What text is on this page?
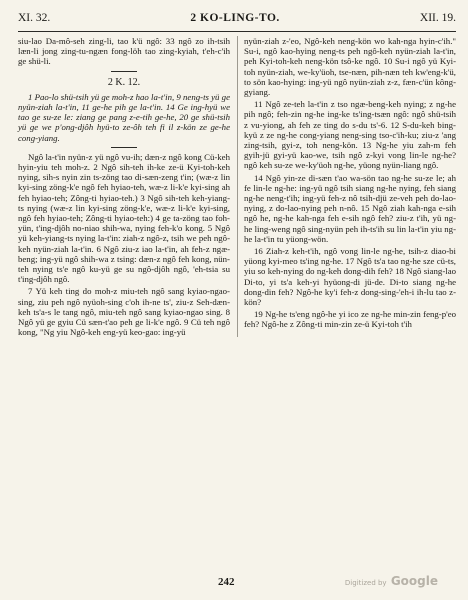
XI. 32.	2 KO-LING-TO.	XII. 19.

siu-lao Da-mô-seh zing-li, tao k'ü ngô: 33 ngô zo ih-tsih læn-li jong zing-tu-ngæn fong-löh tao zing-kyiah, t'eh-c'ih ge shü-li.

2 K. 12.

1 Pao-lo shü-tsih yü ge moh-z hao la-t'in, 9 neng-ts yü ge nyün-ziah la-t'in, 11 ge-he pih ge la-t'in. 14 Ge ing-hyü we tao ge su-ze le: ziang ge pang z-e-tih ge-he, 20 ge shü-tsih yü ge we p'ong-djôh hyü-to ze-ôh teh fi il z-kön ze ge-he cong-yiang.

Ngô la-t'in nyün-z yü ngô vu-ih; dæn-z ngô kong Cü-keh hyin-yiu teh moh-z. 2 Ngô sih-teh ih-ke ze-ü Kyi-toh-keh nying, sih-s nyin zin ts-zöng tao di-sæn-zeng t'in; (wæ-z lin kyi-sing zöng-k'e ngô feh hyiao-teh, wæ-z li-k'e kyi-sing ah feh hyiao-teh; Zông-ti hyiao-teh.) 3 Ngô sih-teh keh-yiang-ts nying (wæ-z lin kyi-sing zöng-k'e, wæ-z li-k'e kyi-sing, ngô feh hyiao-teh; Zông-ti hyiao-teh:) 4 ge ta-zöng tao foh-yün, t'ing-djôh no-niao shih-wa, nying feh-k'o kong. 5 Ngô yü keh-yiang-ts nying la-t'in: ziah-z ngô-z, tsih we peh ngô-keh nyün-ziah la-t'in. 6 Ngô ziu-z iao la-t'in, ah feh-z ngæ-beng; ing-yü ngô shih-wa z tsing: dæn-z ngô feh kong, nün-teh nying ts'e ngô ku-yü ge su ngô-djôh ngô, 'eh-tsia su t'ing-djôh ngô.

7 Yü keh ting do moh-z miu-teh ngô sang kyiao-ngao-sing, ziu peh ngô nyüoh-sing c'oh ih-ne ts', ziu-z Seh-dæn-keh ts'a-s le tang ngô, miu-teh ngô sang kyiao-ngao sing. 8 Ngô yü ge gyiu Cü sæn-t'ao peh ge li-k'e ngô. 9 Cü teh ngô kong, "Ng yiu Ngô-keh eng-yü keo-gao: ing-yü

nyün-ziah z-'eo, Ngô-keh neng-kön wo kah-nga hyin-c'ih." Su-i, ngô kao-hying neng-ts peh ngô-keh nyün-ziah la-t'in, peh Kyi-toh-keh neng-kön tsô-ke ngô. 10 Su-i ngô yü Kyi-toh nyün-ziah, we-ky'üoh, tse-næn, pih-næn teh kw'eng-k'ü, to sön kao-hying: ing-yü ngô nyün-ziah z-z, fæn-c'ün kông-gyiang.

11 Ngô ze-teh la-t'in z tso ngæ-beng-keh nying; z ng-he pih ngô; feh-zin ng-he ing-ke ts'ing-tsæn ngô: ngô shü-tsih z vu-yiong, ah feh ze ting do s-du ts'-6. 12 S-du-keh bing-kyü z ze ng-he cong-yiang neng-sing tso-c'ih-ku; ziu-z 'ang zing-tsih, gyi-z, toh neng-kön. 13 Ng-he yiu zah-m feh gyih-jü gyi-yü kao-we, tsih ngô z-kyi vong lin-le ng-he? ngô keh su-ze we-ky'üoh ng-he, yüong nyün-liang ngô.

14 Ngô yin-ze di-sæn t'ao wa-sön tao ng-he su-ze le; ah fe lin-le ng-he: ing-yü ngô tsih siang ng-he nying, feh siang ng-he neng-t'ih; ing-yü feh-z nô tsih-djü ze-veh peh do-lao-nying, z do-lao-nying peh n-nô. 15 Ngô ziah kah-nga e-sih ngô he, ng-he kah-nga feh e-sih ngô feh? ziu-z t'ih, yü ng-he ling-weng ngô sing-nyün peh ih-ts'ih su lin la-t'in yiu ng-he la-t'in tu yüong-wön.

16 Ziah-z keh-t'ih, ngô vong lin-le ng-he, tsih-z diao-bi yüong kyi-meo ts'ing ng-he. 17 Ngô ts'a tao ng-he sze cü-ts, yiu so keh-nying do ng-keh dong-dih feh? 18 Ngô siang-lao Di-to, yi ts'a keh-yi hyüong-di jü-de. Di-to siang ng-he dong-din feh? Ngô-he ky'i feh-z dong-sing-'eh-i ih-lu tao z-kön?

19 Ng-he ts'eng ngô-he yi ico ze ng-he min-zin feng-p'eo feh? Ngô-he z Zông-ti min-zin ze-ü Kyi-toh t'ih

242	Digitized by Google
